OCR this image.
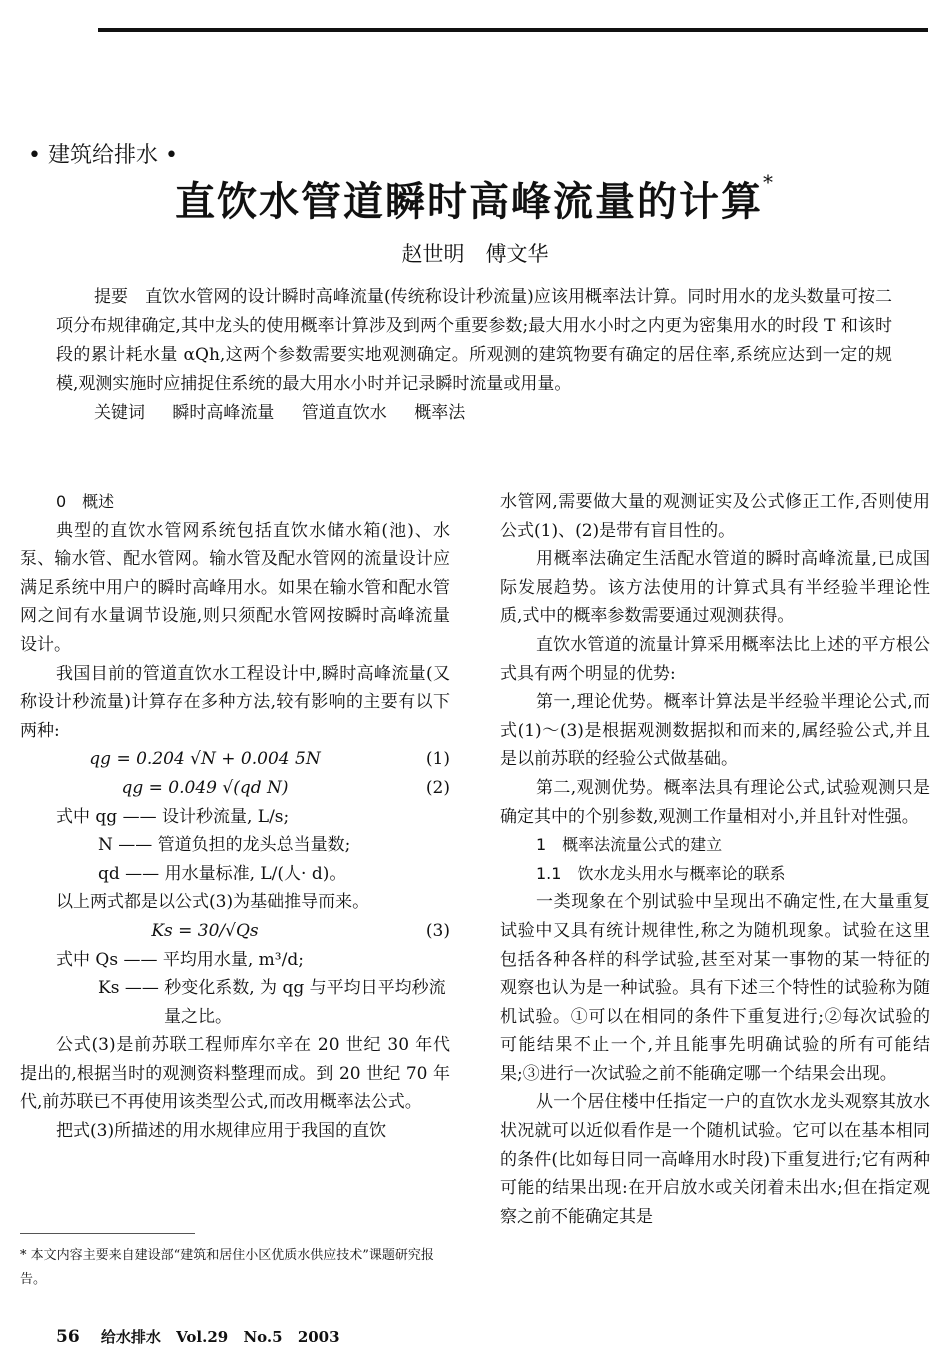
• 建筑给排水 •
直饮水管道瞬时高峰流量的计算*
赵世明　傅文华

提要　直饮水管网的设计瞬时高峰流量(传统称设计秒流量)应该用概率法计算。同时用水的龙头数量可按二项分布规律确定,其中龙头的使用概率计算涉及到两个重要参数;最大用水小时之内更为密集用水的时段 T 和该时段的累计耗水量 αQh,这两个参数需要实地观测确定。所观测的建筑物要有确定的居住率,系统应达到一定的规模,观测实施时应捕捉住系统的最大用水小时并记录瞬时流量或用量。

关键词 瞬时高峰流量 管道直饮水 概率法

0　概述

典型的直饮水管网系统包括直饮水储水箱(池)、水泵、输水管、配水管网。输水管及配水管网的流量设计应满足系统中用户的瞬时高峰用水。如果在输水管和配水管网之间有水量调节设施,则只须配水管网按瞬时高峰流量设计。

我国目前的管道直饮水工程设计中,瞬时高峰流量(又称设计秒流量)计算存在多种方法,较有影响的主要有以下两种:

qg = 0.204 √N + 0.004 5N	(1)
qg = 0.049 √(qd N)	(2)

式中 qg —— 设计秒流量, L/s;

N —— 管道负担的龙头总当量数;

qd —— 用水量标准, L/(人· d)。

以上两式都是以公式(3)为基础推导而来。

Ks = 30/√Qs	(3)

式中 Qs —— 平均用水量, m³/d;

Ks —— 秒变化系数, 为 qg 与平均日平均秒流

量之比。

公式(3)是前苏联工程师库尔辛在 20 世纪 30 年代提出的,根据当时的观测资料整理而成。到 20 世纪 70 年代,前苏联已不再使用该类型公式,而改用概率法公式。

把式(3)所描述的用水规律应用于我国的直饮

水管网,需要做大量的观测证实及公式修正工作,否则使用公式(1)、(2)是带有盲目性的。

用概率法确定生活配水管道的瞬时高峰流量,已成国际发展趋势。该方法使用的计算式具有半经验半理论性质,式中的概率参数需要通过观测获得。

直饮水管道的流量计算采用概率法比上述的平方根公式具有两个明显的优势:

第一,理论优势。概率计算法是半经验半理论公式,而式(1)～(3)是根据观测数据拟和而来的,属经验公式,并且是以前苏联的经验公式做基础。

第二,观测优势。概率法具有理论公式,试验观测只是确定其中的个别参数,观测工作量相对小,并且针对性强。

1　概率法流量公式的建立

1.1　饮水龙头用水与概率论的联系

一类现象在个别试验中呈现出不确定性,在大量重复试验中又具有统计规律性,称之为随机现象。试验在这里包括各种各样的科学试验,甚至对某一事物的某一特征的观察也认为是一种试验。具有下述三个特性的试验称为随机试验。①可以在相同的条件下重复进行;②每次试验的可能结果不止一个,并且能事先明确试验的所有可能结果;③进行一次试验之前不能确定哪一个结果会出现。

从一个居住楼中任指定一户的直饮水龙头观察其放水状况就可以近似看作是一个随机试验。它可以在基本相同的条件(比如每日同一高峰用水时段)下重复进行;它有两种可能的结果出现:在开启放水或关闭着未出水;但在指定观察之前不能确定其是

* 本文内容主要来自建设部“建筑和居住小区优质水供应技术”课题研究报告。
56 给水排水 Vol.29 No.5 2003
